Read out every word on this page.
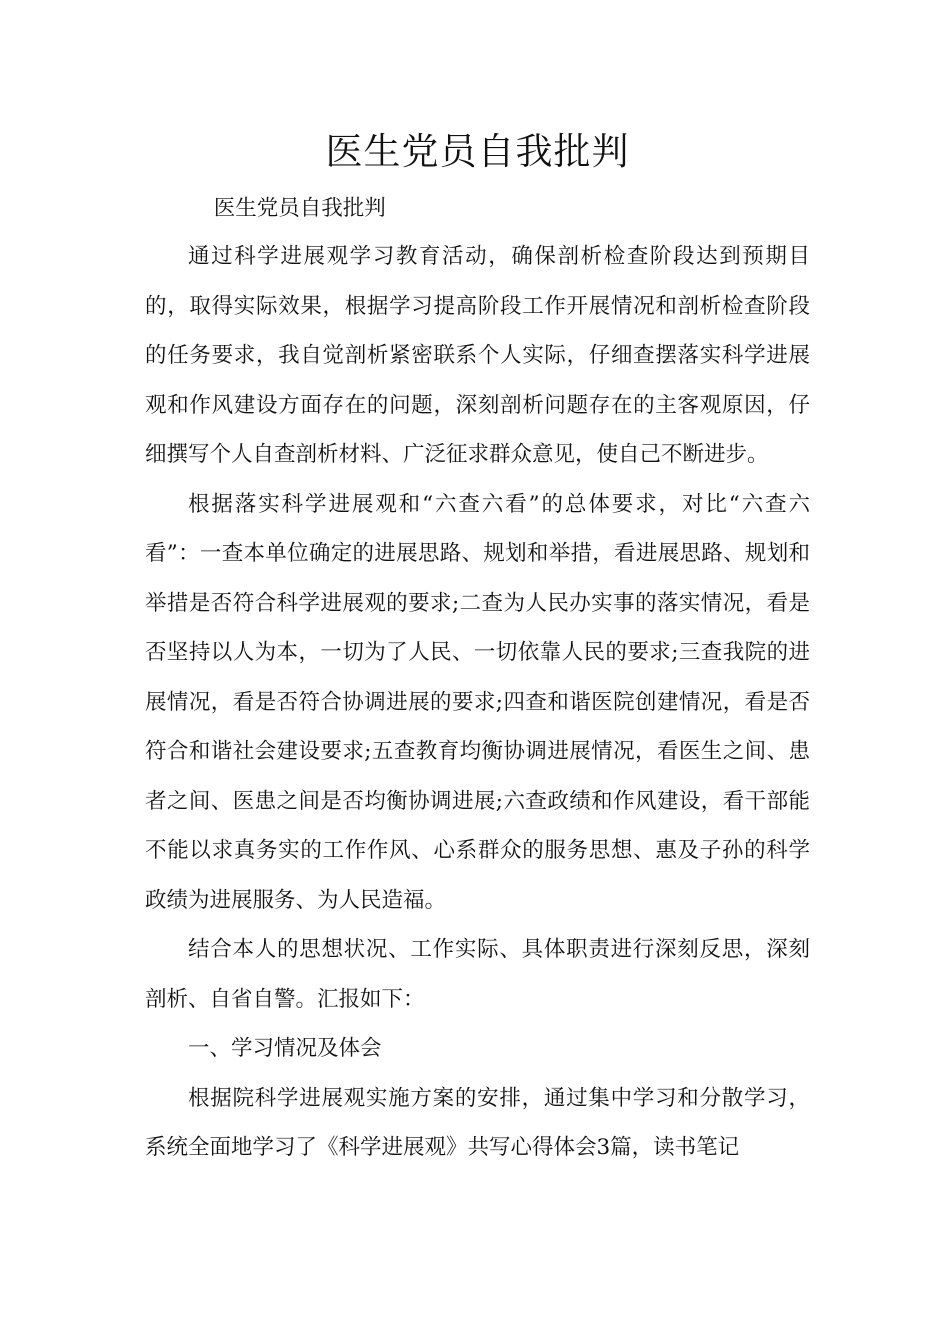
医生党员自我批判

医生党员自我批判

通过科学进展观学习教育活动，确保剖析检查阶段达到预期目的，取得实际效果，根据学习提高阶段工作开展情况和剖析检查阶段的任务要求，我自觉剖析紧密联系个人实际，仔细查摆落实科学进展观和作风建设方面存在的问题，深刻剖析问题存在的主客观原因，仔细撰写个人自查剖析材料、广泛征求群众意见，使自己不断进步。

根据落实科学进展观和“六查六看”的总体要求，对比“六查六看”：一查本单位确定的进展思路、规划和举措，看进展思路、规划和举措是否符合科学进展观的要求;二查为人民办实事的落实情况，看是否坚持以人为本，一切为了人民、一切依靠人民的要求;三查我院的进展情况，看是否符合协调进展的要求;四查和谐医院创建情况，看是否符合和谐社会建设要求;五查教育均衡协调进展情况，看医生之间、患者之间、医患之间是否均衡协调进展;六查政绩和作风建设，看干部能不能以求真务实的工作作风、心系群众的服务思想、惠及子孙的科学政绩为进展服务、为人民造福。

结合本人的思想状况、工作实际、具体职责进行深刻反思，深刻剖析、自省自警。汇报如下：

一、学习情况及体会

根据院科学进展观实施方案的安排，通过集中学习和分散学习，系统全面地学习了《科学进展观》共写心得体会3篇，读书笔记
